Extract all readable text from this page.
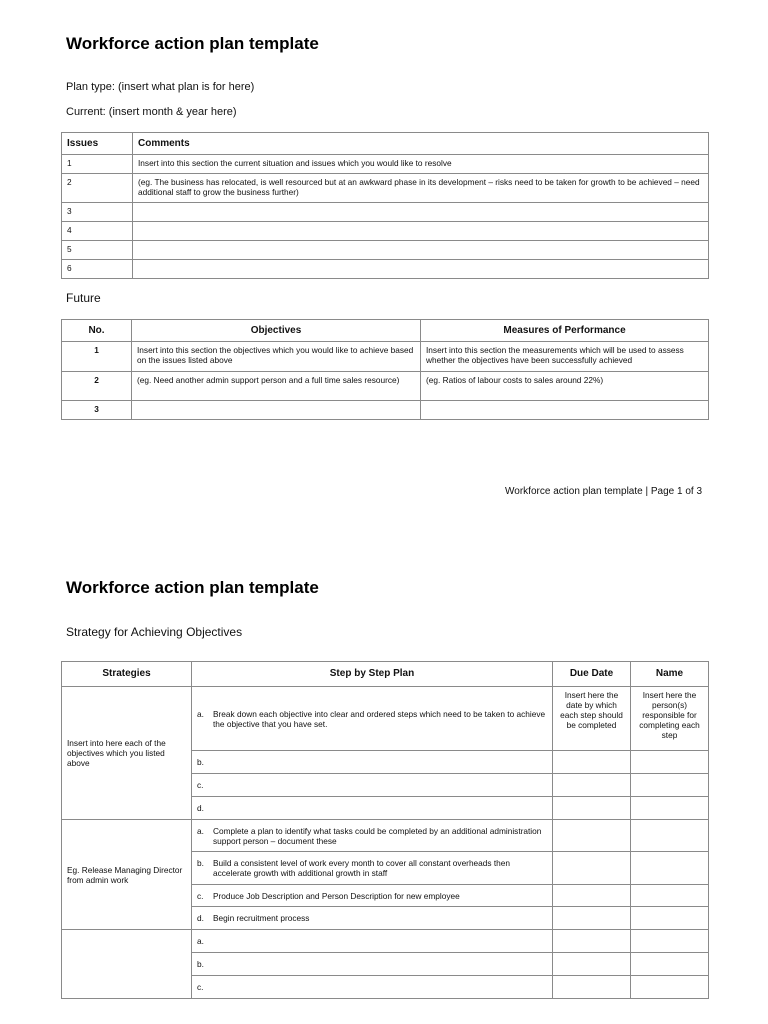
Workforce action plan template
Plan type: (insert what plan is for here)
Current: (insert month & year here)
Issues	Comments
1	Insert into this section the current situation and issues which you would like to resolve
2	(eg. The business has relocated, is well resourced but at an awkward phase in its development – risks need to be taken for growth to be achieved – need additional staff to grow the business further)
3	
4	
5	
6	
Future
No.	Objectives	Measures of Performance
1	Insert into this section the objectives which you would like to achieve based on the issues listed above	Insert into this section the measurements which will be used to assess whether the objectives have been successfully achieved
2	(eg. Need another admin support person and a full time sales resource)	(eg. Ratios of labour costs to sales around 22%)
3		
Workforce action plan template | Page 1 of 3
Workforce action plan template
Strategy for Achieving Objectives
Strategies	Step by Step Plan	Due Date	Name
Insert into here each of the objectives which you listed above	a. Break down each objective into clear and ordered steps which need to be taken to achieve the objective that you have set.	Insert here the date by which each step should be completed	Insert here the person(s) responsible for completing each step

	b.		

	c.		

	d.		

Eg. Release Managing Director from admin work	a. Complete a plan to identify what tasks could be completed by an additional administration support person – document these		

	b. Build a consistent level of work every month to cover all constant overheads then accelerate growth with additional growth in staff		

	c. Produce Job Description and Person Description for new employee		

	d. Begin recruitment process		

	a.		

	b.		

	c.		
